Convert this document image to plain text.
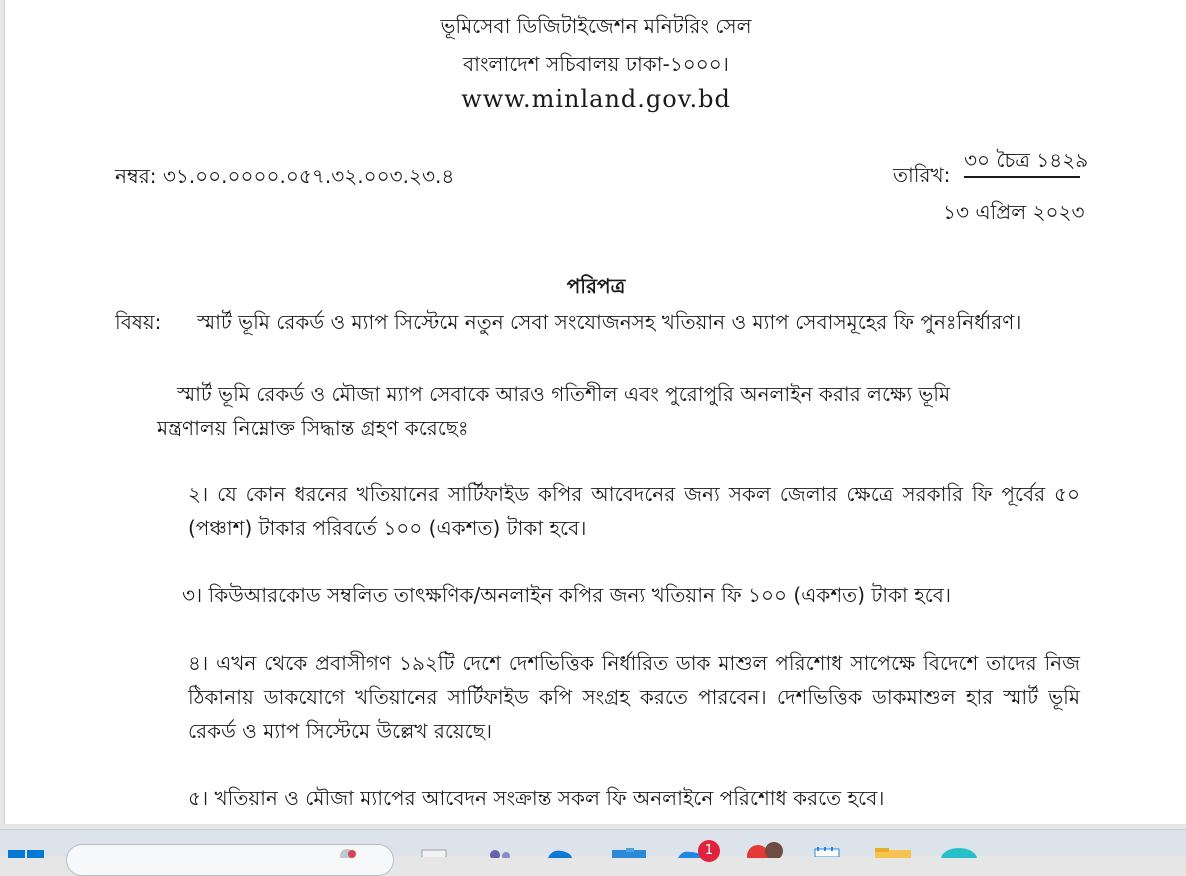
ভূমিসেবা ডিজিটাইজেশন মনিটরিং সেল
বাংলাদেশ সচিবালয় ঢাকা-১০০০।
www.minland.gov.bd
নম্বর: ৩১.০০.০০০০.০৫৭.৩২.০০৩.২৩.৪	তারিখ:
৩০ চৈত্র ১৪২৯
১৩ এপ্রিল ২০২৩
পরিপত্র
বিষয়: স্মার্ট ভূমি রেকর্ড ও ম্যাপ সিস্টেমে নতুন সেবা সংযোজনসহ খতিয়ান ও ম্যাপ সেবাসমূহের ফি পুনঃনির্ধারণ।
স্মার্ট ভূমি রেকর্ড ও মৌজা ম্যাপ সেবাকে আরও গতিশীল এবং পুরোপুরি অনলাইন করার লক্ষ্যে ভূমি
মন্ত্রণালয় নিম্নোক্ত সিদ্ধান্ত গ্রহণ করেছেঃ
২। যে কোন ধরনের খতিয়ানের সার্টিফাইড কপির আবেদনের জন্য সকল জেলার ক্ষেত্রে সরকারি ফি পূর্বের ৫০ (পঞ্চাশ) টাকার পরিবর্তে ১০০ (একশত) টাকা হবে।
৩। কিউআরকোড সম্বলিত তাৎক্ষণিক/অনলাইন কপির জন্য খতিয়ান ফি ১০০ (একশত) টাকা হবে।
৪। এখন থেকে প্রবাসীগণ ১৯২টি দেশে দেশভিত্তিক নির্ধারিত ডাক মাশুল পরিশোধ সাপেক্ষে বিদেশে তাদের নিজ ঠিকানায় ডাকযোগে খতিয়ানের সার্টিফাইড কপি সংগ্রহ করতে পারবেন। দেশভিত্তিক ডাকমাশুল হার স্মার্ট ভূমি রেকর্ড ও ম্যাপ সিস্টেমে উল্লেখ রয়েছে।
৫। খতিয়ান ও মৌজা ম্যাপের আবেদন সংক্রান্ত সকল ফি অনলাইনে পরিশোধ করতে হবে।
1
